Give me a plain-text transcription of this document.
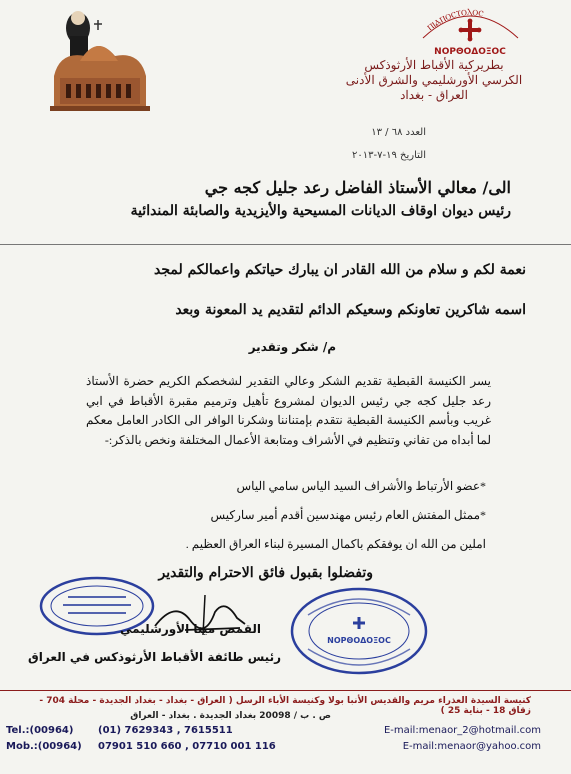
ⲠⲒⲀⲠⲞⲤⲦⲞⲖⲞⲤ
ΝΟΡΘΟΔΟΞΟϹ
بطريركية الأقباط الأرثوذكس
الكرسي الأورشليمي والشرق الأدنى
العراق - بغداد
العدد ٦٨ / ١٣
التاريخ ١٩-٧-٢٠١٣
الى/ معالي الأستاذ الفاضل رعد جليل كجه جي
رئيس ديوان اوقاف الديانات المسيحية والأيزيدية والصابئة المندائية
نعمة لكم و سلام من الله القادر ان يبارك حياتكم واعمالكم لمجد
اسمه شاكرين تعاونكم وسعيكم الدائم لتقديم يد المعونة وبعد
م/ شكر وتقدير
يسر الكنيسة القبطية تقديم الشكر وعالي التقدير لشخصكم الكريم حضرة الأستاذ رعد جليل كجه جي رئيس الديوان لمشروع تأهيل وترميم مقبرة الأقباط في ابي غريب وبأسم الكنيسة القبطية نتقدم بإمتناننا وشكرنا الوافر الى الكادر العامل معكم لما أبداه من تفاني وتنظيم في الأشراف ومتابعة الأعمال المختلفة ونخص بالذكر:-
*عضو الأرتباط والأشراف السيد الياس سامي الياس
*ممثل المفتش العام رئيس مهندسين أقدم أمير ساركيس
املين من الله ان يوفقكم باكمال المسيرة لبناء العراق العظيم .
وتفضلوا بقبول فائق الاحترام والتقدير
ΝΟΡΘΟΔΟΞΟϹ
القمص مينا الأورشليمي
رئيس طائفة الأقباط الأرثوذكس في العراق
كنيسة السيدة العذراء مريم والقديس الأنبا بولا وكنيسة الأباء الرسل ( العراق - بغداد - بغداد الجديدة - محلة 704 - زقاق 18 - بناية 25 )
ص . ب / 20098 بغداد الجديدة . بغداد - العراق
Tel.:(00964) (01) 7629343 , 7615511	E-mail:menaor_2@hotmail.com
Mob.:(00964) 07901 510 660 , 07710 001 116	E-mail:menaor@yahoo.com
